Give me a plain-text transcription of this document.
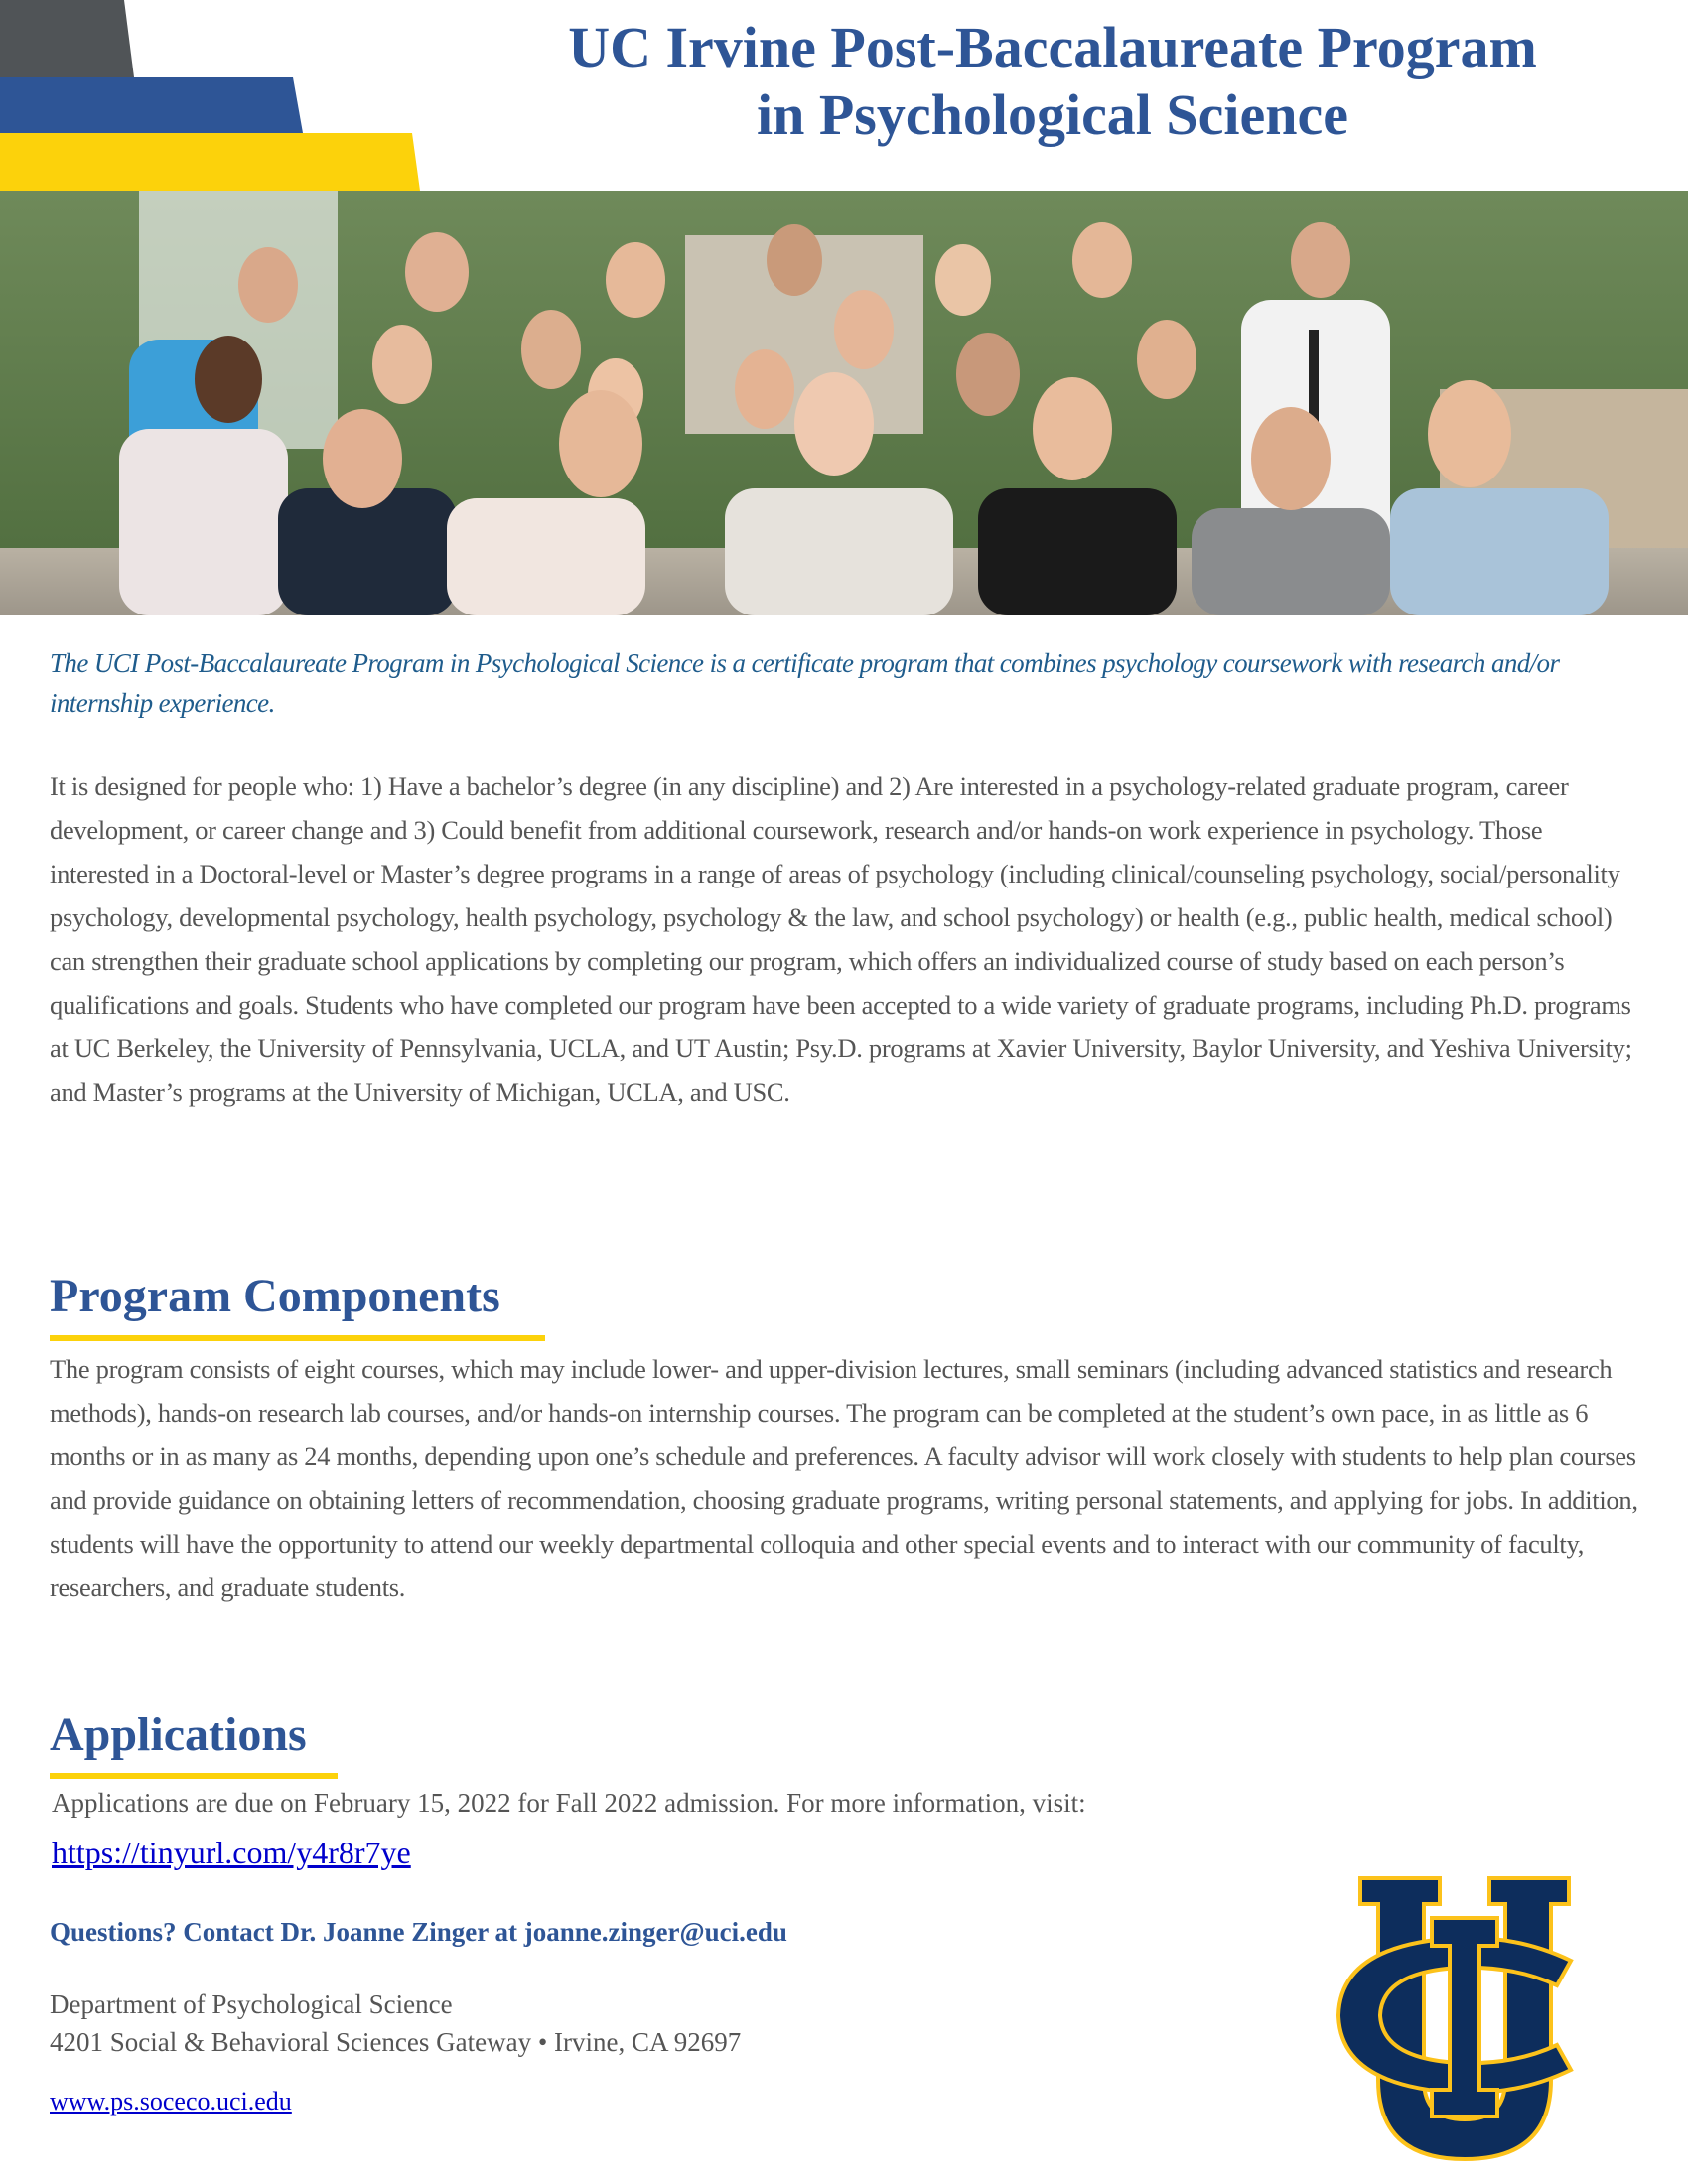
UC Irvine Post-Baccalaureate Program
in Psychological Science

The UCI Post-Baccalaureate Program in Psychological Science is a certificate program that combines psychology coursework with research and/or internship experience.

It is designed for people who: 1) Have a bachelor’s degree (in any discipline) and 2) Are interested in a psychology-related graduate program, career development, or career change and 3) Could benefit from additional coursework, research and/or hands-on work experience in psychology. Those interested in a Doctoral-level or Master’s degree programs in a range of areas of psychology (including clinical/counseling psychology, social/personality psychology, developmental psychology, health psychology, psychology & the law, and school psychology) or health (e.g., public health, medical school) can strengthen their graduate school applications by completing our program, which offers an individualized course of study based on each person’s qualifications and goals. Students who have completed our program have been accepted to a wide variety of graduate programs, including Ph.D. programs at UC Berkeley, the University of Pennsylvania, UCLA, and UT Austin; Psy.D. programs at Xavier University, Baylor University, and Yeshiva University; and Master’s programs at the University of Michigan, UCLA, and USC.

Program Components

The program consists of eight courses, which may include lower- and upper-division lectures, small seminars (including advanced statistics and research methods), hands-on research lab courses, and/or hands-on internship courses. The program can be completed at the student’s own pace, in as little as 6 months or in as many as 24 months, depending upon one’s schedule and preferences. A faculty advisor will work closely with students to help plan courses and provide guidance on obtaining letters of recommendation, choosing graduate programs, writing personal statements, and applying for jobs. In addition, students will have the opportunity to attend our weekly departmental colloquia and other special events and to interact with our community of faculty, researchers, and graduate students.

Applications

Applications are due on February 15, 2022 for Fall 2022 admission. For more information, visit:

https://tinyurl.com/y4r8r7ye

Questions? Contact Dr. Joanne Zinger at joanne.zinger@uci.edu

Department of Psychological Science
4201 Social & Behavioral Sciences Gateway • Irvine, CA 92697
www.ps.soceco.uci.edu
